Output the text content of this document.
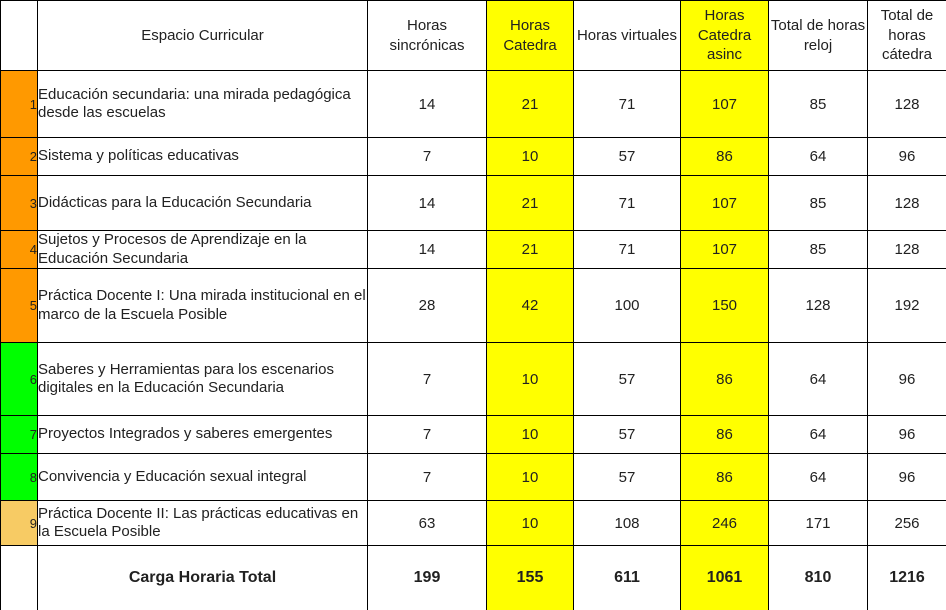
	Espacio Curricular	Horas sincrónicas	Horas Catedra	Horas virtuales	Horas Catedra asinc	Total de horas reloj	Total de horas cátedra
1	Educación secundaria: una mirada pedagógica desde las escuelas	14	21	71	107	85	128
2	Sistema y políticas educativas	7	10	57	86	64	96
3	Didácticas para la Educación Secundaria	14	21	71	107	85	128
4	Sujetos y Procesos de Aprendizaje en la Educación Secundaria	14	21	71	107	85	128
5	Práctica Docente I: Una mirada institucional en el marco de la Escuela Posible	28	42	100	150	128	192
6	Saberes y Herramientas para los escenarios digitales en la Educación Secundaria	7	10	57	86	64	96
7	Proyectos Integrados y saberes emergentes	7	10	57	86	64	96
8	Convivencia y Educación sexual integral	7	10	57	86	64	96
9	Práctica Docente II: Las prácticas educativas en la Escuela Posible	63	10	108	246	171	256
	Carga Horaria Total	199	155	611	1061	810	1216
